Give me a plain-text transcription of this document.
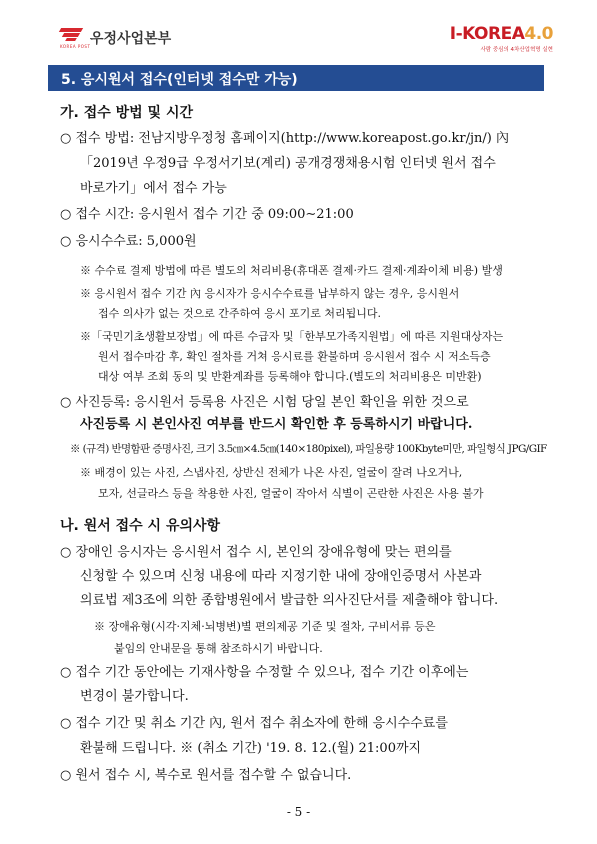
KOREA POST 우정사업본부	I-KOREA4.0
사람 중심의 4차산업혁명 실현
5. 응시원서 접수(인터넷 접수만 가능)
가. 접수 방법 및 시간
○ 접수 방법: 전남지방우정청 홈페이지(http://www.koreapost.go.kr/jn/) 內
「2019년 우정9급 우정서기보(계리) 공개경쟁채용시험 인터넷 원서 접수
바로가기」에서 접수 가능
○ 접수 시간: 응시원서 접수 기간 중 09:00∼21:00
○ 응시수수료: 5,000원
※ 수수료 결제 방법에 따른 별도의 처리비용(휴대폰 결제·카드 결제·계좌이체 비용) 발생
※ 응시원서 접수 기간 內 응시자가 응시수수료를 납부하지 않는 경우, 응시원서
접수 의사가 없는 것으로 간주하여 응시 포기로 처리됩니다.
※「국민기초생활보장법」에 따른 수급자 및「한부모가족지원법」에 따른 지원대상자는
원서 접수마감 후, 확인 절차를 거쳐 응시료를 환불하며 응시원서 접수 시 저소득층
대상 여부 조회 동의 및 반환계좌를 등록해야 합니다.(별도의 처리비용은 미반환)
○ 사진등록: 응시원서 등록용 사진은 시험 당일 본인 확인을 위한 것으로
사진등록 시 본인사진 여부를 반드시 확인한 후 등록하시기 바랍니다.
※ (규격) 반명함판 증명사진, 크기 3.5㎝×4.5㎝(140×180pixel), 파일용량 100Kbyte미만, 파일형식 JPG/GIF
※ 배경이 있는 사진, 스냅사진, 상반신 전체가 나온 사진, 얼굴이 잘려 나오거나,
모자, 선글라스 등을 착용한 사진, 얼굴이 작아서 식별이 곤란한 사진은 사용 불가
나. 원서 접수 시 유의사항
○ 장애인 응시자는 응시원서 접수 시, 본인의 장애유형에 맞는 편의를
신청할 수 있으며 신청 내용에 따라 지정기한 내에 장애인증명서 사본과
의료법 제3조에 의한 종합병원에서 발급한 의사진단서를 제출해야 합니다.
※ 장애유형(시각·지체·뇌병변)별 편의제공 기준 및 절차, 구비서류 등은
붙임의 안내문을 통해 참조하시기 바랍니다.
○ 접수 기간 동안에는 기재사항을 수정할 수 있으나, 접수 기간 이후에는
변경이 불가합니다.
○ 접수 기간 및 취소 기간 內, 원서 접수 취소자에 한해 응시수수료를
환불해 드립니다. ※ (취소 기간) '19. 8. 12.(월) 21:00까지
○ 원서 접수 시, 복수로 원서를 접수할 수 없습니다.
- 5 -
